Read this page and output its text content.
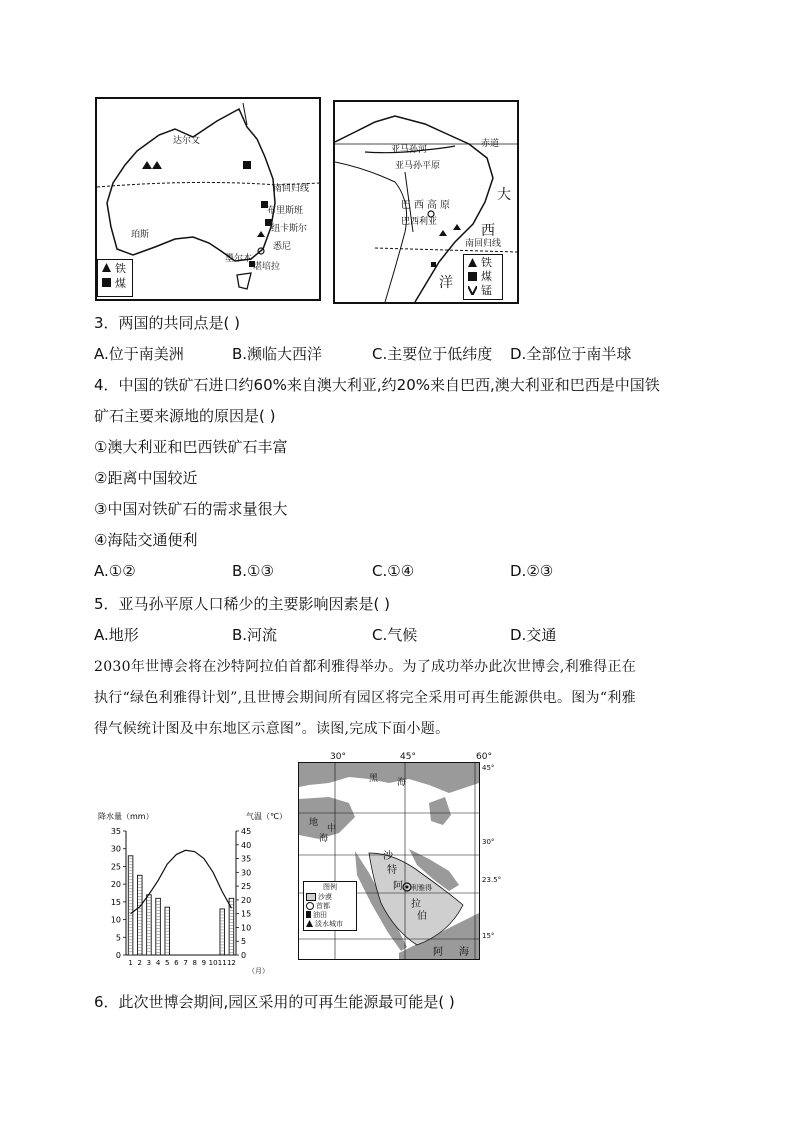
达尔文
南回归线
布里斯班
纽卡斯尔
悉尼
珀斯
墨尔本
堪培拉
铁
煤
赤道
亚马孙河
亚马孙平原
巴西高原
巴西利亚
南回归线
大
西
洋
铁
煤
锰
3．两国的共同点是( )
A.位于南美洲	B.濒临大西洋	C.主要位于低纬度 D.全部位于南半球
4．中国的铁矿石进口约60%来自澳大利亚,约20%来自巴西,澳大利亚和巴西是中国铁
矿石主要来源地的原因是( )
①澳大利亚和巴西铁矿石丰富
②距离中国较近
③中国对铁矿石的需求量很大
④海陆交通便利
A.①②	B.①③	C.①④	D.②③
5．亚马孙平原人口稀少的主要影响因素是( )
A.地形	B.河流	C.气候	D.交通
2030年世博会将在沙特阿拉伯首都利雅得举办。为了成功举办此次世博会,利雅得正在
执行“绿色利雅得计划”,且世博会期间所有园区将完全采用可再生能源供电。图为“利雅
得气候统计图及中东地区示意图”。读图,完成下面小题。
降水量（mm）	气温（℃）
（月）
0
5
10
15
20
25
30
35
0
5
10
15
20
25
30
35
40
45
1 2 3 4 5 6 7 8 9 10 11 12
30°	45°	60°
黑 海
地
中
海
沙
特
阿 利雅得
拉
伯
阿 海
图例
沙漠
首都
油田
淡水城市
45°
30°
23.5°
15°
6．此次世博会期间,园区采用的可再生能源最可能是( )
